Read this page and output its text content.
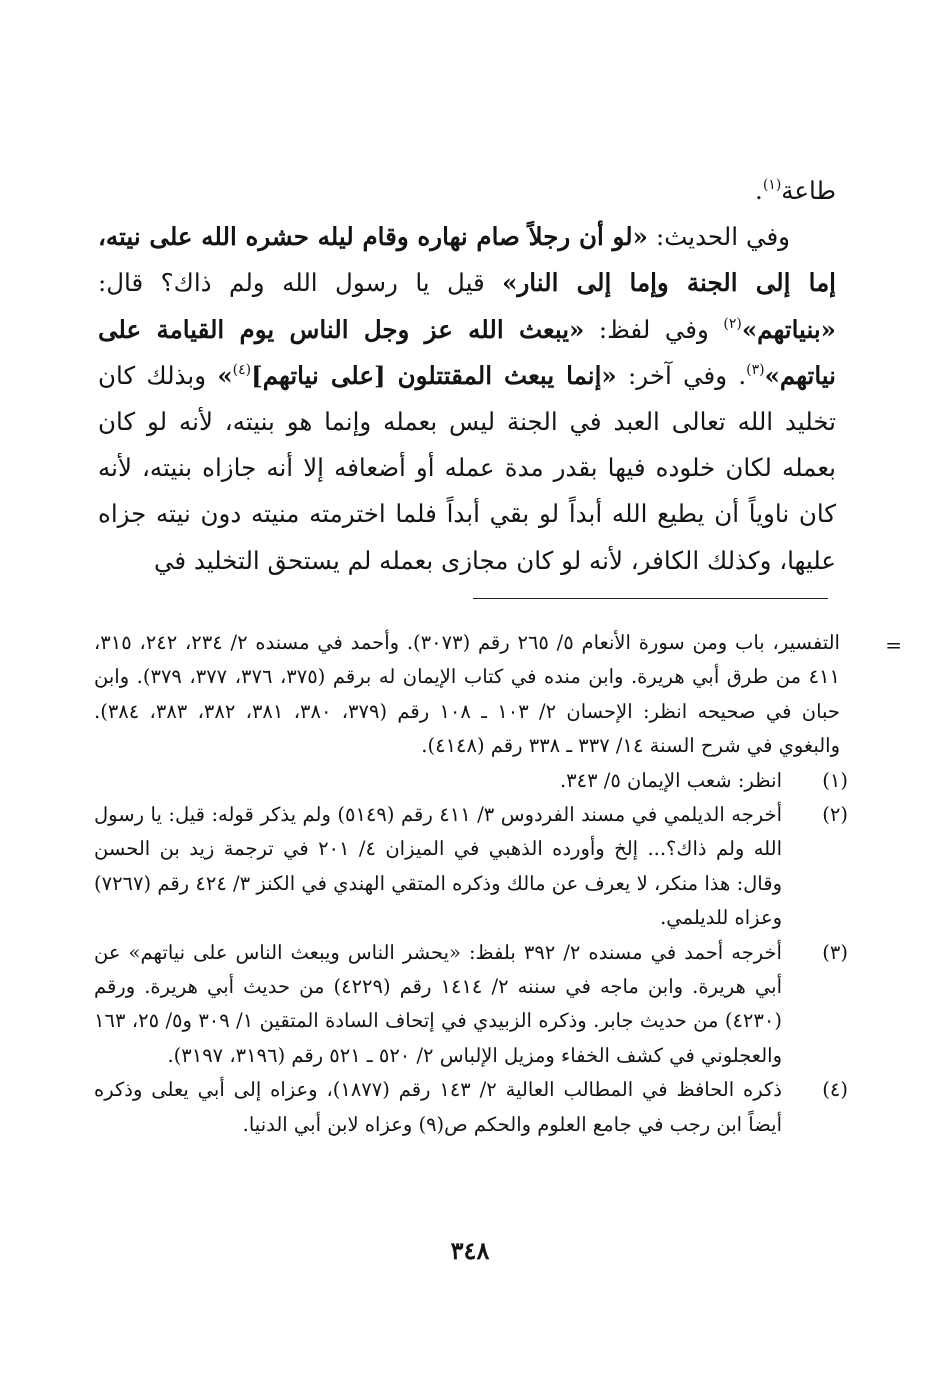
طاعة$^{(١)}$.

وفي الحديث: «لو أن رجلاً صام نهاره وقام ليله حشره الله على نيته، إما إلى الجنة وإما إلى النار» قيل يا رسول الله ولم ذاك؟ قال: «بنياتهم»$^{(٢)}$ وفي لفظ: «يبعث الله عز وجل الناس يوم القيامة على نياتهم»$^{(٣)}$. وفي آخر: «إنما يبعث المقتتلون [على نياتهم]$^{(٤)}$» وبذلك كان تخليد الله تعالى العبد في الجنة ليس بعمله وإنما هو بنيته، لأنه لو كان بعمله لكان خلوده فيها بقدر مدة عمله أو أضعافه إلا أنه جازاه بنيته، لأنه كان ناوياً أن يطيع الله أبداً لو بقي أبداً فلما اخترمته منيته دون نيته جزاه عليها، وكذلك الكافر، لأنه لو كان مجازى بعمله لم يستحق التخليد في

=
التفسير، باب ومن سورة الأنعام ٥/ ٢٦٥ رقم (٣٠٧٣). وأحمد في مسنده ٢/ ٢٣٤، ٢٤٢، ٣١٥، ٤١١ من طرق أبي هريرة. وابن منده في كتاب الإيمان له برقم (٣٧٥، ٣٧٦، ٣٧٧، ٣٧٩). وابن حبان في صحيحه انظر: الإحسان ٢/ ١٠٣ ـ ١٠٨ رقم (٣٧٩، ٣٨٠، ٣٨١، ٣٨٢، ٣٨٣، ٣٨٤). والبغوي في شرح السنة ١٤/ ٣٣٧ ـ ٣٣٨ رقم (٤١٤٨).

(١)
انظر: شعب الإيمان ٥/ ٣٤٣.

(٢)
أخرجه الديلمي في مسند الفردوس ٣/ ٤١١ رقم (٥١٤٩) ولم يذكر قوله: قيل: يا رسول الله ولم ذاك؟... إلخ وأورده الذهبي في الميزان ٤/ ٢٠١ في ترجمة زيد بن الحسن وقال: هذا منكر، لا يعرف عن مالك وذكره المتقي الهندي في الكنز ٣/ ٤٢٤ رقم (٧٢٦٧) وعزاه للديلمي.

(٣)
أخرجه أحمد في مسنده ٢/ ٣٩٢ بلفظ: «يحشر الناس ويبعث الناس على نياتهم» عن أبي هريرة. وابن ماجه في سننه ٢/ ١٤١٤ رقم (٤٢٢٩) من حديث أبي هريرة. ورقم (٤٢٣٠) من حديث جابر. وذكره الزبيدي في إتحاف السادة المتقين ١/ ٣٠٩ و٥/ ٢٥، ١٦٣ والعجلوني في كشف الخفاء ومزيل الإلباس ٢/ ٥٢٠ ـ ٥٢١ رقم (٣١٩٦، ٣١٩٧).

(٤)
ذكره الحافظ في المطالب العالية ٢/ ١٤٣ رقم (١٨٧٧)، وعزاه إلى أبي يعلى وذكره أيضاً ابن رجب في جامع العلوم والحكم ص(٩) وعزاه لابن أبي الدنيا.

٣٤٨
